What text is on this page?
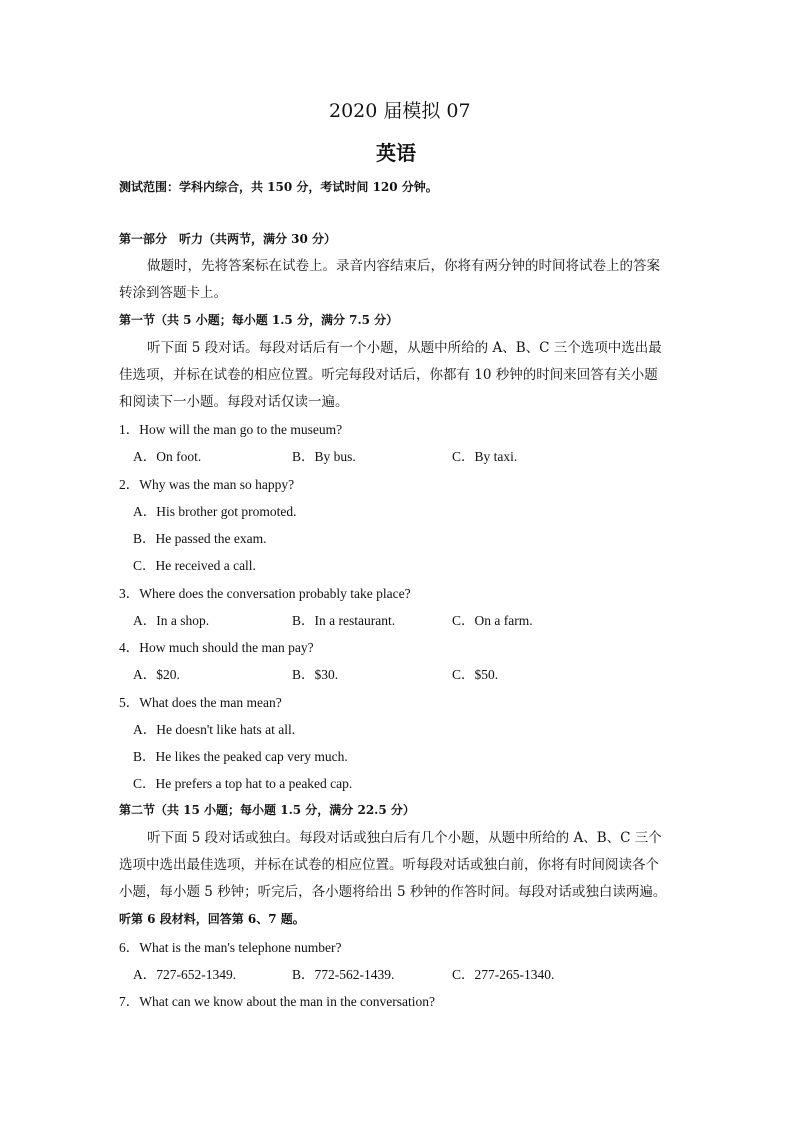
2020 届模拟 07
英语
测试范围：学科内综合，共 150 分，考试时间 120 分钟。
第一部分　听力（共两节，满分 30 分）
做题时，先将答案标在试卷上。录音内容结束后，你将有两分钟的时间将试卷上的答案
转涂到答题卡上。
第一节（共 5 小题；每小题 1.5 分，满分 7.5 分）
听下面 5 段对话。每段对话后有一个小题，从题中所给的 A、B、C 三个选项中选出最
佳选项，并标在试卷的相应位置。听完每段对话后，你都有 10 秒钟的时间来回答有关小题
和阅读下一小题。每段对话仅读一遍。
1．How will the man go to the museum?
A．On foot.	B．By bus.	C．By taxi.
2．Why was the man so happy?
A．His brother got promoted.
B．He passed the exam.
C．He received a call.
3．Where does the conversation probably take place?
A．In a shop.	B．In a restaurant.	C．On a farm.
4．How much should the man pay?
A．$20.	B．$30.	C．$50.
5．What does the man mean?
A．He doesn't like hats at all.
B．He likes the peaked cap very much.
C．He prefers a top hat to a peaked cap.
第二节（共 15 小题；每小题 1.5 分，满分 22.5 分）
听下面 5 段对话或独白。每段对话或独白后有几个小题，从题中所给的 A、B、C 三个
选项中选出最佳选项，并标在试卷的相应位置。听每段对话或独白前，你将有时间阅读各个
小题，每小题 5 秒钟；听完后，各小题将给出 5 秒钟的作答时间。每段对话或独白读两遍。
听第 6 段材料，回答第 6、7 题。
6．What is the man's telephone number?
A．727-652-1349.	B．772-562-1439.	C．277-265-1340.
7．What can we know about the man in the conversation?
